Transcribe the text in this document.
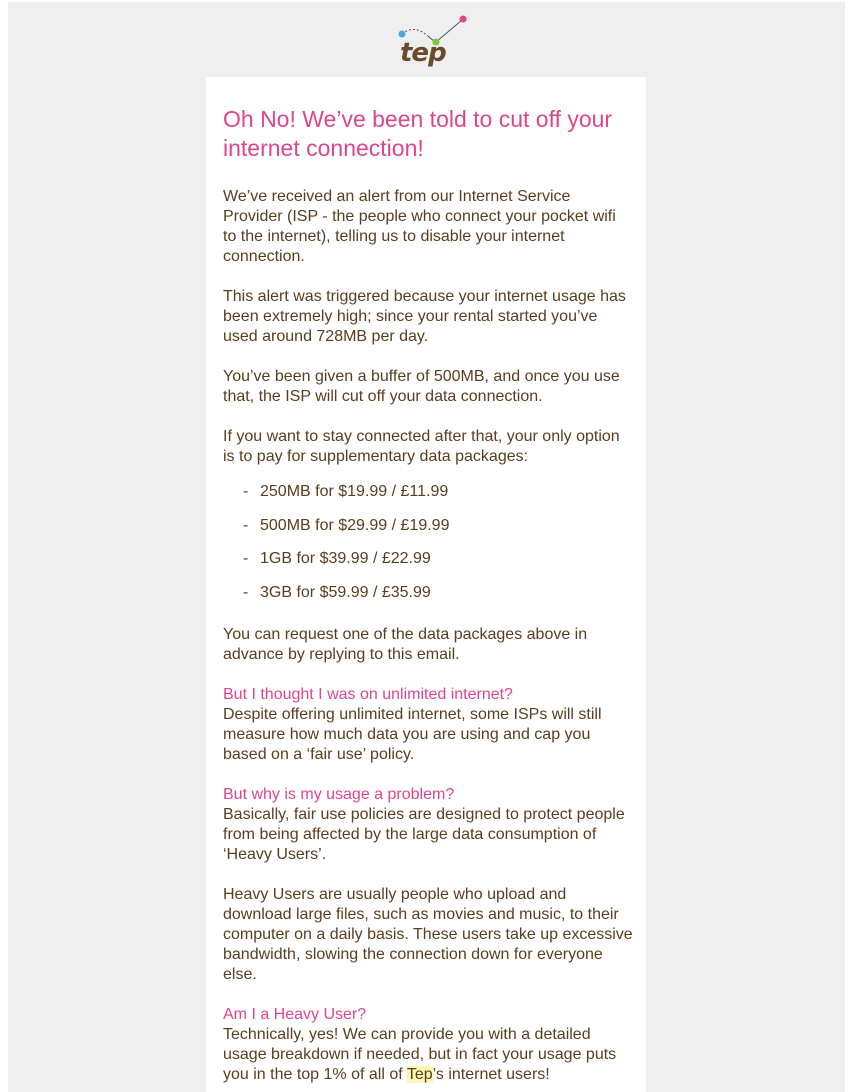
tep
Oh No! We’ve been told to cut off your internet connection!

We’ve received an alert from our Internet Service Provider (ISP - the people who connect your pocket wifi to the internet), telling us to disable your internet connection.

This alert was triggered because your internet usage has been extremely high; since your rental started you’ve used around 728MB per day.

You’ve been given a buffer of 500MB, and once you use that, the ISP will cut off your data connection.

If you want to stay connected after that, your only option is to pay for supplementary data packages:

- 250MB for $19.99 / £11.99
- 500MB for $29.99 / £19.99
- 1GB for $39.99 / £22.99
- 3GB for $59.99 / £35.99

You can request one of the data packages above in advance by replying to this email.

But I thought I was on unlimited internet?
Despite offering unlimited internet, some ISPs will still measure how much data you are using and cap you based on a ‘fair use’ policy.

But why is my usage a problem?
Basically, fair use policies are designed to protect people from being affected by the large data consumption of ‘Heavy Users’.

Heavy Users are usually people who upload and download large files, such as movies and music, to their computer on a daily basis. These users take up excessive bandwidth, slowing the connection down for everyone else.

Am I a Heavy User?
Technically, yes! We can provide you with a detailed usage breakdown if needed, but in fact your usage puts you in the top 1% of all of Tep’s internet users!
